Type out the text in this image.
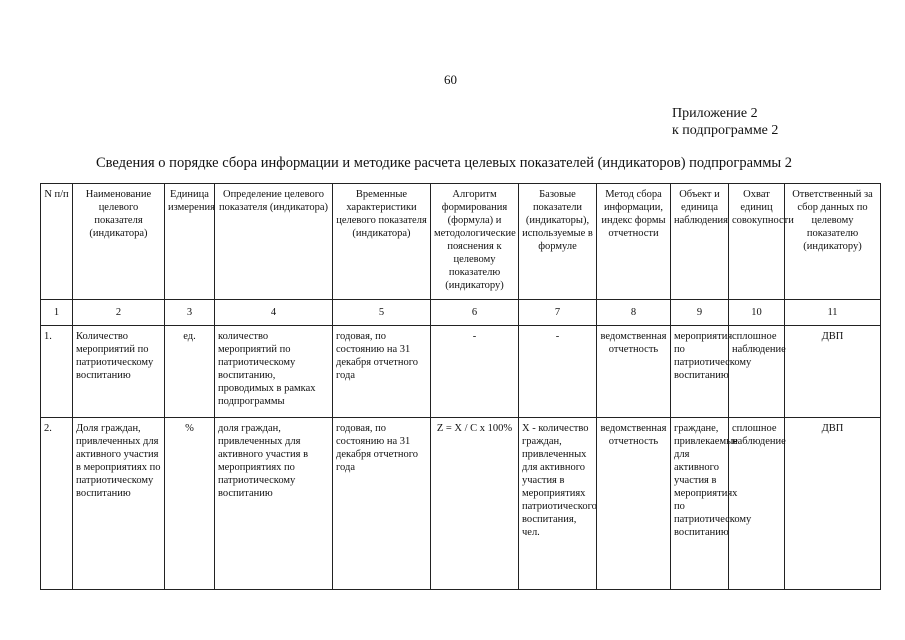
60
Приложение 2
к подпрограмме 2
Сведения о порядке сбора информации и методике расчета целевых показателей (индикаторов) подпрограммы 2
N п/п	Наименование целевого показателя (индикатора)	Единица измерения	Определение целевого показателя (индикатора)	Временные характеристики целевого показателя (индикатора)	Алгоритм формирования (формула) и методологические пояснения к целевому показателю (индикатору)	Базовые показатели (индикаторы), используемые в формуле	Метод сбора информации, индекс формы отчетности	Объект и единица наблюдения	Охват единиц совокупности	Ответственный за сбор данных по целевому показателю (индикатору)
1	2	3	4	5	6	7	8	9	10	11
1.	Количество мероприятий по патриотическому воспитанию	ед.	количество мероприятий по патриотическому воспитанию, проводимых в рамках подпрограммы	годовая, по состоянию на 31 декабря отчетного года	-	-	ведомственная отчетность	мероприятия по патриотическому воспитанию	сплошное наблюдение	ДВП
2.	Доля граждан, привлеченных для активного участия в мероприятиях по патриотическому воспитанию	%	доля граждан, привлеченных для активного участия в мероприятиях по патриотическому воспитанию	годовая, по состоянию на 31 декабря отчетного года	Z = X / C x 100%	X - количество граждан, привлеченных для активного участия в мероприятиях патриотического воспитания, чел.	ведомственная отчетность	граждане, привлекаемые для активного участия в мероприятиях по патриотическому воспитанию	сплошное наблюдение	ДВП
